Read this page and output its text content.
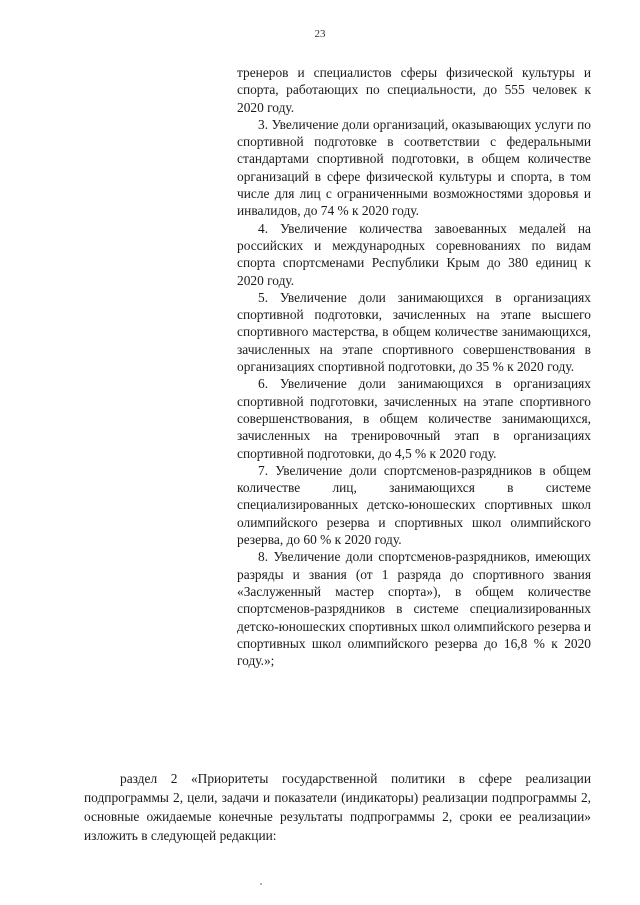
23

тренеров и специалистов сферы физической культуры и спорта, работающих по специальности, до 555 человек к 2020 году.

3. Увеличение доли организаций, оказывающих услуги по спортивной подготовке в соответствии с федеральными стандартами спортивной подготовки, в общем количестве организаций в сфере физической культуры и спорта, в том числе для лиц с ограниченными возможностями здоровья и инвалидов, до 74 % к 2020 году.

4. Увеличение количества завоеванных медалей на российских и международных соревнованиях по видам спорта спортсменами Республики Крым до 380 единиц к 2020 году.

5. Увеличение доли занимающихся в организациях спортивной подготовки, зачисленных на этапе высшего спортивного мастерства, в общем количестве занимающихся, зачисленных на этапе спортивного совершенствования в организациях спортивной подготовки, до 35 % к 2020 году.

6. Увеличение доли занимающихся в организациях спортивной подготовки, зачисленных на этапе спортивного совершенствования, в общем количестве занимающихся, зачисленных на тренировочный этап в организациях спортивной подготовки, до 4,5 % к 2020 году.

7. Увеличение доли спортсменов-разрядников в общем количестве лиц, занимающихся в системе специализированных детско-юношеских спортивных школ олимпийского резерва и спортивных школ олимпийского резерва, до 60 % к 2020 году.

8. Увеличение доли спортсменов-разрядников, имеющих разряды и звания (от 1 разряда до спортивного звания «Заслуженный мастер спорта»), в общем количестве спортсменов-разрядников в системе специализированных детско-юношеских спортивных школ олимпийского резерва и спортивных школ олимпийского резерва до 16,8 % к 2020 году.»;

раздел 2 «Приоритеты государственной политики в сфере реализации подпрограммы 2, цели, задачи и показатели (индикаторы) реализации подпрограммы 2, основные ожидаемые конечные результаты подпрограммы 2, сроки ее реализации» изложить в следующей редакции:
